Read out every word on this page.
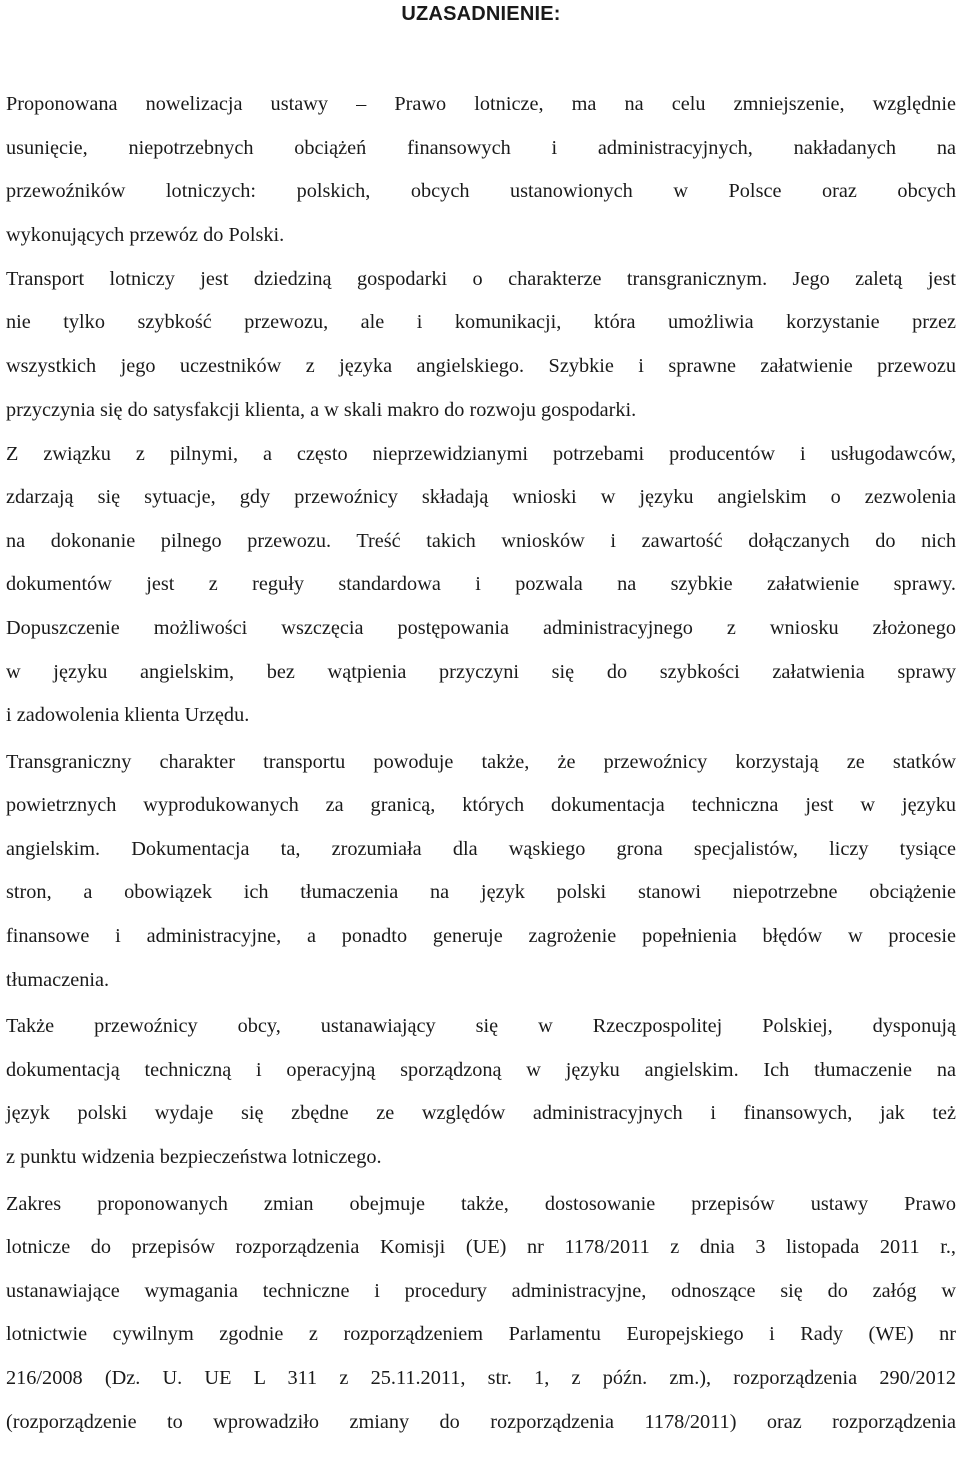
UZASADNIENIE:
Proponowana nowelizacja ustawy – Prawo lotnicze, ma na celu zmniejszenie, względnie
usunięcie, niepotrzebnych obciążeń finansowych i administracyjnych, nakładanych na
przewoźników lotniczych: polskich, obcych ustanowionych w Polsce oraz obcych
wykonujących przewóz do Polski.
Transport lotniczy jest dziedziną gospodarki o charakterze transgranicznym. Jego zaletą jest
nie tylko szybkość przewozu, ale i komunikacji, która umożliwia korzystanie przez
wszystkich jego uczestników z języka angielskiego. Szybkie i sprawne załatwienie przewozu
przyczynia się do satysfakcji klienta, a w skali makro do rozwoju gospodarki.
Z związku z pilnymi, a często nieprzewidzianymi potrzebami producentów i usługodawców,
zdarzają się sytuacje, gdy przewoźnicy składają wnioski w języku angielskim o zezwolenia
na dokonanie pilnego przewozu. Treść takich wniosków i zawartość dołączanych do nich
dokumentów jest z reguły standardowa i pozwala na szybkie załatwienie sprawy.
Dopuszczenie możliwości wszczęcia postępowania administracyjnego z wniosku złożonego
w języku angielskim, bez wątpienia przyczyni się do szybkości załatwienia sprawy
i zadowolenia klienta Urzędu.
Transgraniczny charakter transportu powoduje także, że przewoźnicy korzystają ze statków
powietrznych wyprodukowanych za granicą, których dokumentacja techniczna jest w języku
angielskim. Dokumentacja ta, zrozumiała dla wąskiego grona specjalistów, liczy tysiące
stron, a obowiązek ich tłumaczenia na język polski stanowi niepotrzebne obciążenie
finansowe i administracyjne, a ponadto generuje zagrożenie popełnienia błędów w procesie
tłumaczenia.
Także przewoźnicy obcy, ustanawiający się w Rzeczpospolitej Polskiej, dysponują
dokumentacją techniczną i operacyjną sporządzoną w języku angielskim. Ich tłumaczenie na
język polski wydaje się zbędne ze względów administracyjnych i finansowych, jak też
z punktu widzenia bezpieczeństwa lotniczego.
Zakres proponowanych zmian obejmuje także, dostosowanie przepisów ustawy Prawo
lotnicze do przepisów rozporządzenia Komisji (UE) nr 1178/2011 z dnia 3 listopada 2011 r.,
ustanawiające wymagania techniczne i procedury administracyjne, odnoszące się do załóg w
lotnictwie cywilnym zgodnie z rozporządzeniem Parlamentu Europejskiego i Rady (WE) nr
216/2008 (Dz. U. UE L 311 z 25.11.2011, str. 1, z późn. zm.), rozporządzenia 290/2012
(rozporządzenie to wprowadziło zmiany do rozporządzenia 1178/2011) oraz rozporządzenia
